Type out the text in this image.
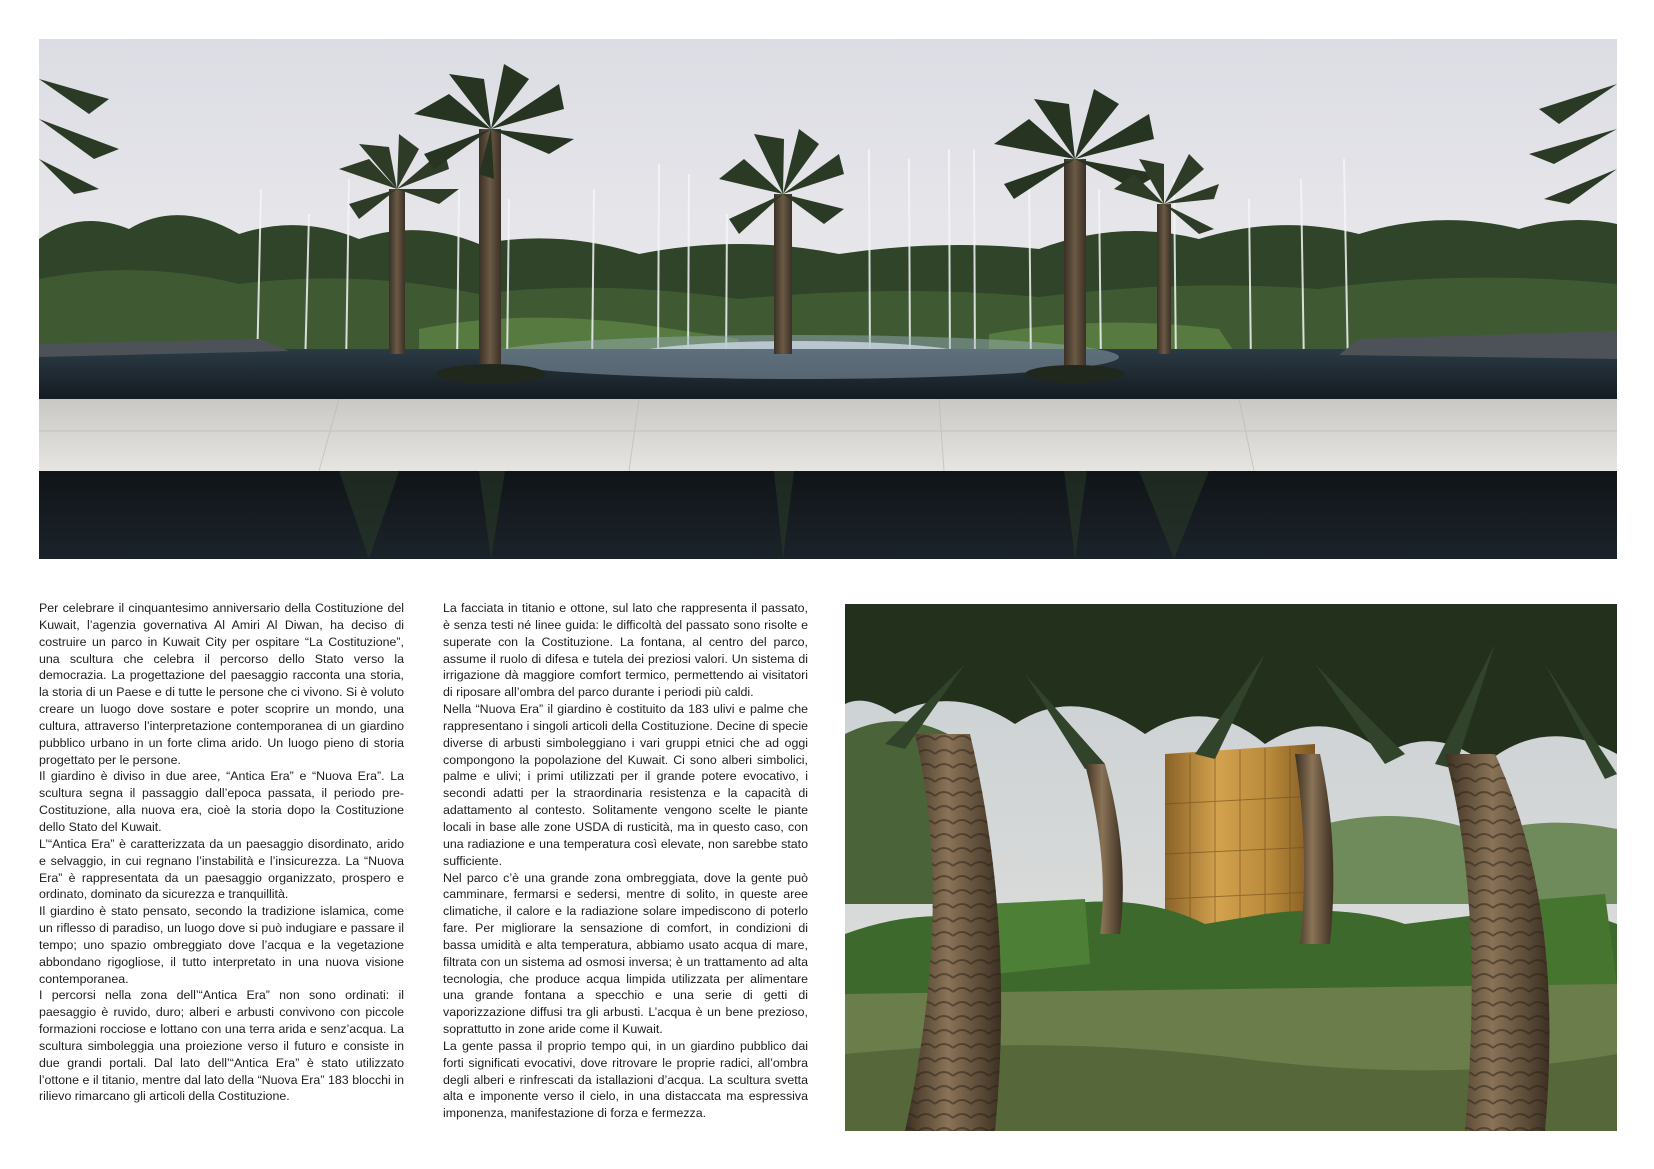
Per celebrare il cinquantesimo anniversario della Costituzione del Kuwait, l’agenzia governativa Al Amiri Al Diwan, ha deciso di costruire un parco in Kuwait City per ospitare “La Costituzione”, una scultura che celebra il percorso dello Stato verso la democrazia. La progettazione del paesaggio racconta una storia, la storia di un Paese e di tutte le persone che ci vivono. Si è voluto creare un luogo dove sostare e poter scoprire un mondo, una cultura, attraverso l’interpretazione contemporanea di un giardino pubblico urbano in un forte clima arido. Un luogo pieno di storia progettato per le persone.

Il giardino è diviso in due aree, “Antica Era” e “Nuova Era”. La scultura segna il passaggio dall’epoca passata, il periodo pre-Costituzione, alla nuova era, cioè la storia dopo la Costituzione dello Stato del Kuwait.

L’“Antica Era” è caratterizzata da un paesaggio disordinato, arido e selvaggio, in cui regnano l’instabilità e l’insicurezza. La “Nuova Era” è rappresentata da un paesaggio organizzato, prospero e ordinato, dominato da sicurezza e tranquillità.

Il giardino è stato pensato, secondo la tradizione islamica, come un riflesso di paradiso, un luogo dove si può indugiare e passare il tempo; uno spazio ombreggiato dove l’acqua e la vegetazione abbondano rigogliose, il tutto interpretato in una nuova visione contemporanea.

I percorsi nella zona dell’“Antica Era” non sono ordinati: il paesaggio è ruvido, duro; alberi e arbusti convivono con piccole formazioni rocciose e lottano con una terra arida e senz’acqua. La scultura simboleggia una proiezione verso il futuro e consiste in due grandi portali. Dal lato dell’“Antica Era” è stato utilizzato l’ottone e il titanio, mentre dal lato della “Nuova Era” 183 blocchi in rilievo rimarcano gli articoli della Costituzione.

La facciata in titanio e ottone, sul lato che rappresenta il passato, è senza testi né linee guida: le difficoltà del passato sono risolte e superate con la Costituzione. La fontana, al centro del parco, assume il ruolo di difesa e tutela dei preziosi valori. Un sistema di irrigazione dà maggiore comfort termico, permettendo ai visitatori di riposare all’ombra del parco durante i periodi più caldi.

Nella “Nuova Era” il giardino è costituito da 183 ulivi e palme che rappresentano i singoli articoli della Costituzione. Decine di specie diverse di arbusti simboleggiano i vari gruppi etnici che ad oggi compongono la popolazione del Kuwait. Ci sono alberi simbolici, palme e ulivi; i primi utilizzati per il grande potere evocativo, i secondi adatti per la straordinaria resistenza e la capacità di adattamento al contesto. Solitamente vengono scelte le piante locali in base alle zone USDA di rusticità, ma in questo caso, con una radiazione e una temperatura così elevate, non sarebbe stato sufficiente.

Nel parco c’è una grande zona ombreggiata, dove la gente può camminare, fermarsi e sedersi, mentre di solito, in queste aree climatiche, il calore e la radiazione solare impediscono di poterlo fare. Per migliorare la sensazione di comfort, in condizioni di bassa umidità e alta temperatura, abbiamo usato acqua di mare, filtrata con un sistema ad osmosi inversa; è un trattamento ad alta tecnologia, che produce acqua limpida utilizzata per alimentare una grande fontana a specchio e una serie di getti di vaporizzazione diffusi tra gli arbusti. L’acqua è un bene prezioso, soprattutto in zone aride come il Kuwait.

La gente passa il proprio tempo qui, in un giardino pubblico dai forti significati evocativi, dove ritrovare le proprie radici, all’ombra degli alberi e rinfrescati da istallazioni d’acqua. La scultura svetta alta e imponente verso il cielo, in una distaccata ma espressiva imponenza, manifestazione di forza e fermezza.
